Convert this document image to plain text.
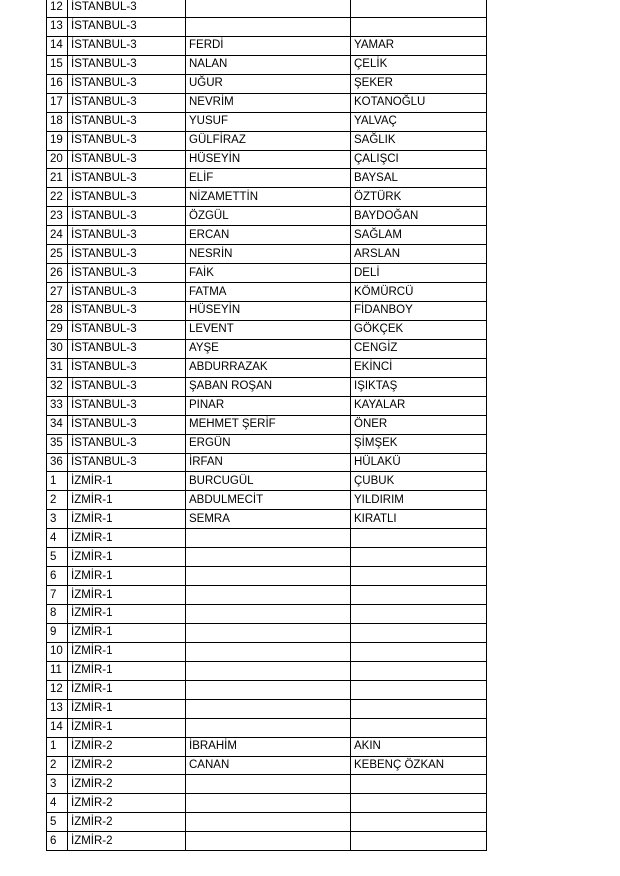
12	İSTANBUL-3		
13	İSTANBUL-3		
14	İSTANBUL-3	FERDİ	YAMAR
15	İSTANBUL-3	NALAN	ÇELİK
16	İSTANBUL-3	UĞUR	ŞEKER
17	İSTANBUL-3	NEVRİM	KOTANOĞLU
18	İSTANBUL-3	YUSUF	YALVAÇ
19	İSTANBUL-3	GÜLFİRAZ	SAĞLIK
20	İSTANBUL-3	HÜSEYİN	ÇALIŞCI
21	İSTANBUL-3	ELİF	BAYSAL
22	İSTANBUL-3	NİZAMETTİN	ÖZTÜRK
23	İSTANBUL-3	ÖZGÜL	BAYDOĞAN
24	İSTANBUL-3	ERCAN	SAĞLAM
25	İSTANBUL-3	NESRİN	ARSLAN
26	İSTANBUL-3	FAİK	DELİ
27	İSTANBUL-3	FATMA	KÖMÜRCÜ
28	İSTANBUL-3	HÜSEYİN	FİDANBOY
29	İSTANBUL-3	LEVENT	GÖKÇEK
30	İSTANBUL-3	AYŞE	CENGİZ
31	İSTANBUL-3	ABDURRAZAK	EKİNCİ
32	İSTANBUL-3	ŞABAN ROŞAN	IŞIKTAŞ
33	İSTANBUL-3	PINAR	KAYALAR
34	İSTANBUL-3	MEHMET ŞERİF	ÖNER
35	İSTANBUL-3	ERGÜN	ŞİMŞEK
36	İSTANBUL-3	İRFAN	HÜLAKÜ
1	İZMİR-1	BURCUGÜL	ÇUBUK
2	İZMİR-1	ABDULMECİT	YILDIRIM
3	İZMİR-1	SEMRA	KIRATLI
4	İZMİR-1		
5	İZMİR-1		
6	İZMİR-1		
7	İZMİR-1		
8	İZMİR-1		
9	İZMİR-1		
10	İZMİR-1		
11	İZMİR-1		
12	İZMİR-1		
13	İZMİR-1		
14	İZMİR-1		
1	İZMİR-2	İBRAHİM	AKIN
2	İZMİR-2	CANAN	KEBENÇ ÖZKAN
3	İZMİR-2		
4	İZMİR-2		
5	İZMİR-2		
6	İZMİR-2		
